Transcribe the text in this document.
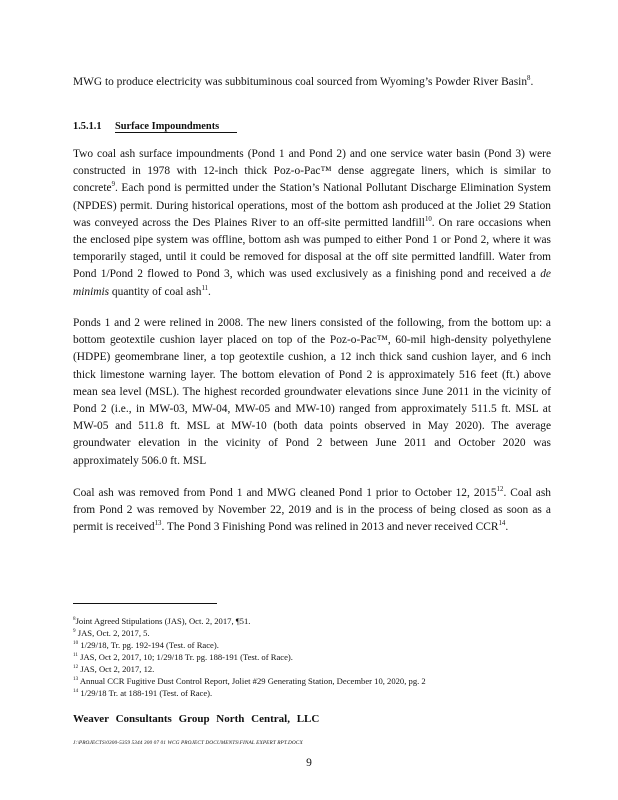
MWG to produce electricity was subbituminous coal sourced from Wyoming’s Powder River Basin$^8$.

1.5.1.1 Surface Impoundments

Two coal ash surface impoundments (Pond 1 and Pond 2) and one service water basin (Pond 3) were constructed in 1978 with 12-inch thick Poz-o-Pac™ dense aggregate liners, which is similar to concrete$^9$. Each pond is permitted under the Station’s National Pollutant Discharge Elimination System (NPDES) permit. During historical operations, most of the bottom ash produced at the Joliet 29 Station was conveyed across the Des Plaines River to an off-site permitted landfill$^{10}$. On rare occasions when the enclosed pipe system was offline, bottom ash was pumped to either Pond 1 or Pond 2, where it was temporarily staged, until it could be removed for disposal at the off site permitted landfill. Water from Pond 1/Pond 2 flowed to Pond 3, which was used exclusively as a finishing pond and received a de minimis quantity of coal ash$^{11}$.

Ponds 1 and 2 were relined in 2008. The new liners consisted of the following, from the bottom up: a bottom geotextile cushion layer placed on top of the Poz-o-Pac™, 60-mil high-density polyethylene (HDPE) geomembrane liner, a top geotextile cushion, a 12 inch thick sand cushion layer, and 6 inch thick limestone warning layer. The bottom elevation of Pond 2 is approximately 516 feet (ft.) above mean sea level (MSL). The highest recorded groundwater elevations since June 2011 in the vicinity of Pond 2 (i.e., in MW-03, MW-04, MW-05 and MW-10) ranged from approximately 511.5 ft. MSL at MW-05 and 511.8 ft. MSL at MW-10 (both data points observed in May 2020). The average groundwater elevation in the vicinity of Pond 2 between June 2011 and October 2020 was approximately 506.0 ft. MSL

Coal ash was removed from Pond 1 and MWG cleaned Pond 1 prior to October 12, 2015$^{12}$. Coal ash from Pond 2 was removed by November 22, 2019 and is in the process of being closed as soon as a permit is received$^{13}$. The Pond 3 Finishing Pond was relined in 2013 and never received CCR$^{14}$.

$^8$Joint Agreed Stipulations (JAS), Oct. 2, 2017, ¶51.
$^9$ JAS, Oct. 2, 2017, 5.
$^{10}$ 1/29/18, Tr. pg. 192-194 (Test. of Race).
$^{11}$ JAS, Oct 2, 2017, 10; 1/29/18 Tr. pg. 188-191 (Test. of Race).
$^{12}$ JAS, Oct 2, 2017, 12.
$^{13}$ Annual CCR Fugitive Dust Control Report, Joliet #29 Generating Station, December 10, 2020, pg. 2
$^{14}$ 1/29/18 Tr. at 188-191 (Test. of Race).
Weaver Consultants Group North Central, LLC
J:\PROJECTS\0300-5359 5344 300 07 01 WCG PROJECT DOCUMENTS\FINAL EXPERT RPT.DOCX
9
